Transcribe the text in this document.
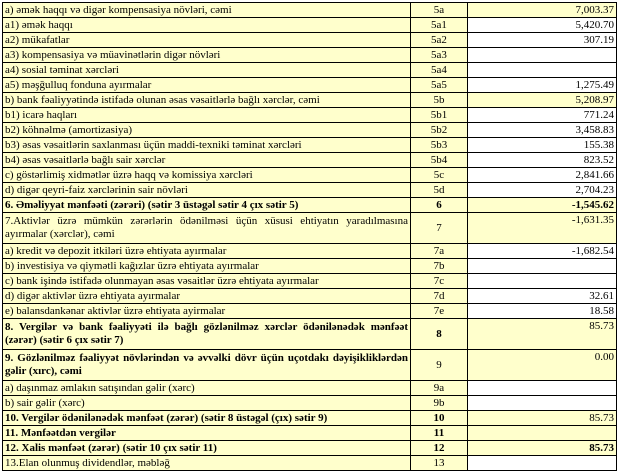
a) əmək haqqı və digər kompensasiya növləri, cəmi	5a	7,003.37
a1) əmək haqqı	5a1	5,420.70
a2) mükafatlar	5a2	307.19
a3) kompensasiya və müavinətlərin digər növləri	5a3	
a4) sosial təminat xərcləri	5a4	
a5) məşğulluq fonduna ayırmalar	5a5	1,275.49
b) bank fəaliyyətində istifadə olunan əsas vəsaitlərlə bağlı xərclər, cəmi	5b	5,208.97
b1) icarə haqları	5b1	771.24
b2) köhnəlmə (amortizasiya)	5b2	3,458.83
b3) əsas vəsaitlərin saxlanması üçün maddi-texniki təminat xərcləri	5b3	155.38
b4) əsas vəsaitlərlə bağlı sair xərclər	5b4	823.52
c) göstərlimiş xidmətlər üzrə haqq və komissiya xərcləri	5c	2,841.66
d) digər qeyri-faiz xərclərinin sair növləri	5d	2,704.23
6. Əməliyyat mənfəəti (zərəri) (sətir 3 üstəgəl sətir 4 çıx sətir 5)	6	-1,545.62
7.Aktivlər üzrə mümkün zərərlərin ödənilməsi üçün xüsusi ehtiyatın yaradılmasına ayırmalar (xərclər), cəmi	7	-1,631.35
a) kredit və depozit itkiləri üzrə ehtiyata ayırmalar	7a	-1,682.54
b) investisiya və qiymətli kağızlar üzrə ehtiyata ayırmalar	7b	
c) bank işində istifadə olunmayan əsas vəsaitlər üzrə ehtiyata ayırmalar	7c	
d) digər aktivlər üzrə ehtiyata ayırmalar	7d	32.61
e) balansdankənar aktivlər üzrə ehtiyata ayirmalar	7e	18.58
8. Vergilər və bank fəaliyyəti ilə bağlı gözlənilməz xərclər ödənilənədək mənfəət (zərər) (sətir 6 çıx sətir 7)	8	85.73
9. Gözlənilməz fəaliyyət növlərindən və əvvəlki dövr üçün uçotdakı dəyişikliklərdən gəlir (xırc), cəmi	9	0.00
a) daşınmaz əmlakın satışından gəlir (xərc)	9a	
b) sair gəlir (xərc)	9b	
10. Vergilər ödənilənədək mənfəət (zərər) (sətir 8 üstəgəl (çıx) sətir 9)	10	85.73
11. Mənfəətdən vergilər	11	
12. Xalis mənfəət (zərər) (sətir 10 çıx sətir 11)	12	85.73
13.Elan olunmuş dividendlər, məbləğ	13	
